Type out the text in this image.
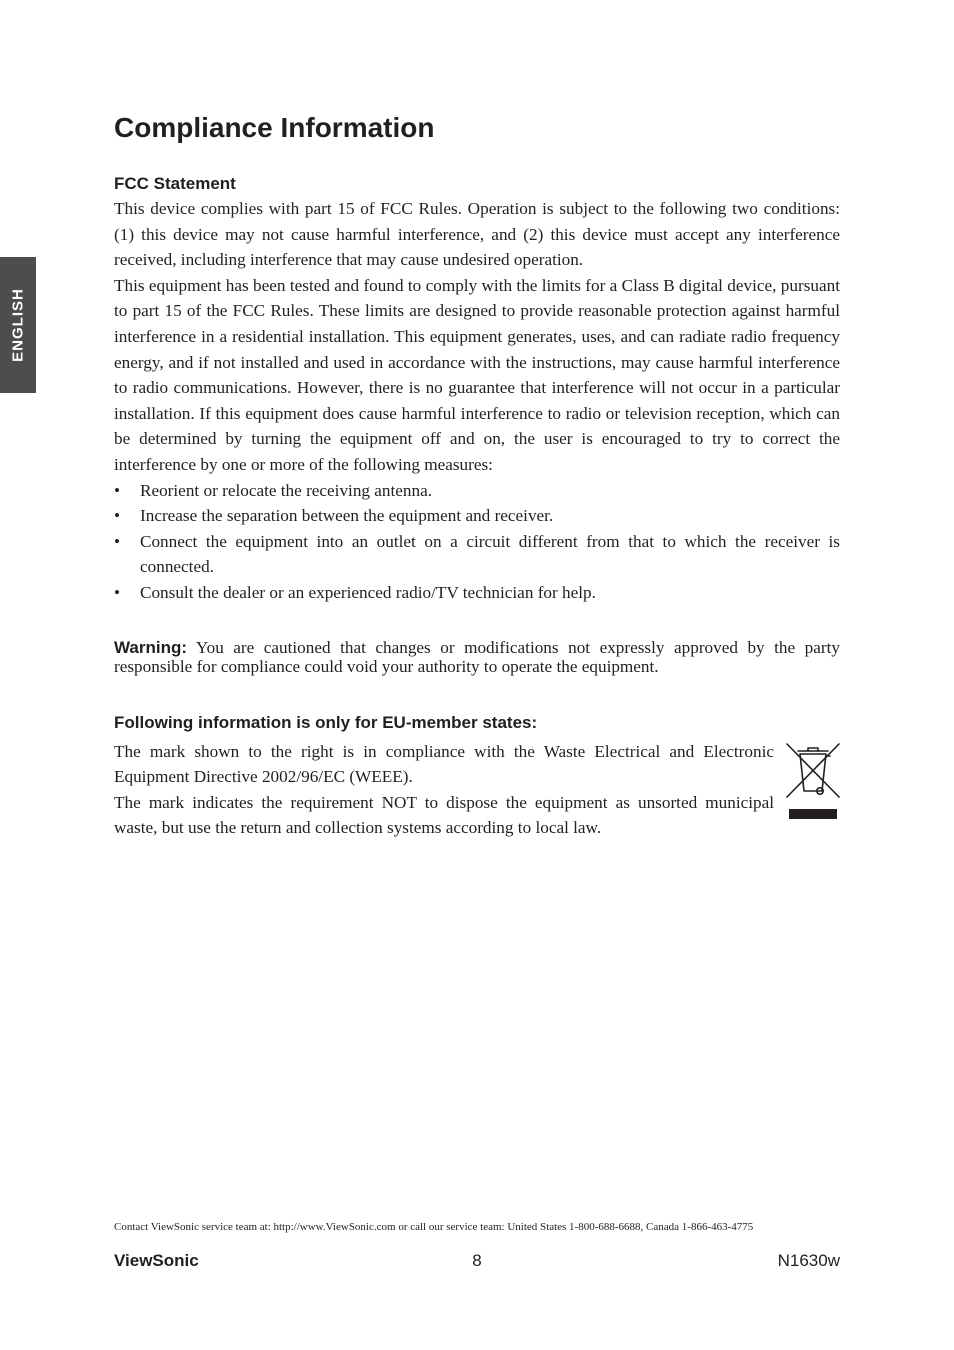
ENGLISH
Compliance Information
FCC Statement

This device complies with part 15 of FCC Rules. Operation is subject to the following two conditions: (1) this device may not cause harmful interference, and (2) this device must accept any interference received, including interference that may cause undesired operation.

This equipment has been tested and found to comply with the limits for a Class B digital device, pursuant to part 15 of the FCC Rules. These limits are designed to provide reasonable protection against harmful interference in a residential installation. This equipment generates, uses, and can radiate radio frequency energy, and if not installed and used in accordance with the instructions, may cause harmful interference to radio communications. However, there is no guarantee that interference will not occur in a particular installation. If this equipment does cause harmful interference to radio or television reception, which can be determined by turning the equipment off and on, the user is encouraged to try to correct the interference by one or more of the following measures:

• Reorient or relocate the receiving antenna.
• Increase the separation between the equipment and receiver.
• Connect the equipment into an outlet on a circuit different from that to which the receiver is connected.
• Consult the dealer or an experienced radio/TV technician for help.

Warning: You are cautioned that changes or modifications not expressly approved by the party responsible for compliance could void your authority to operate the equipment.

Following information is only for EU-member states:

The mark shown to the right is in compliance with the Waste Electrical and Electronic Equipment Directive 2002/96/EC (WEEE).

The mark indicates the requirement NOT to dispose the equipment as unsorted municipal waste, but use the return and collection systems according to local law.

Contact ViewSonic service team at: http://www.ViewSonic.com or call our service team: United States 1-800-688-6688, Canada 1-866-463-4775
ViewSonic	8	N1630w
